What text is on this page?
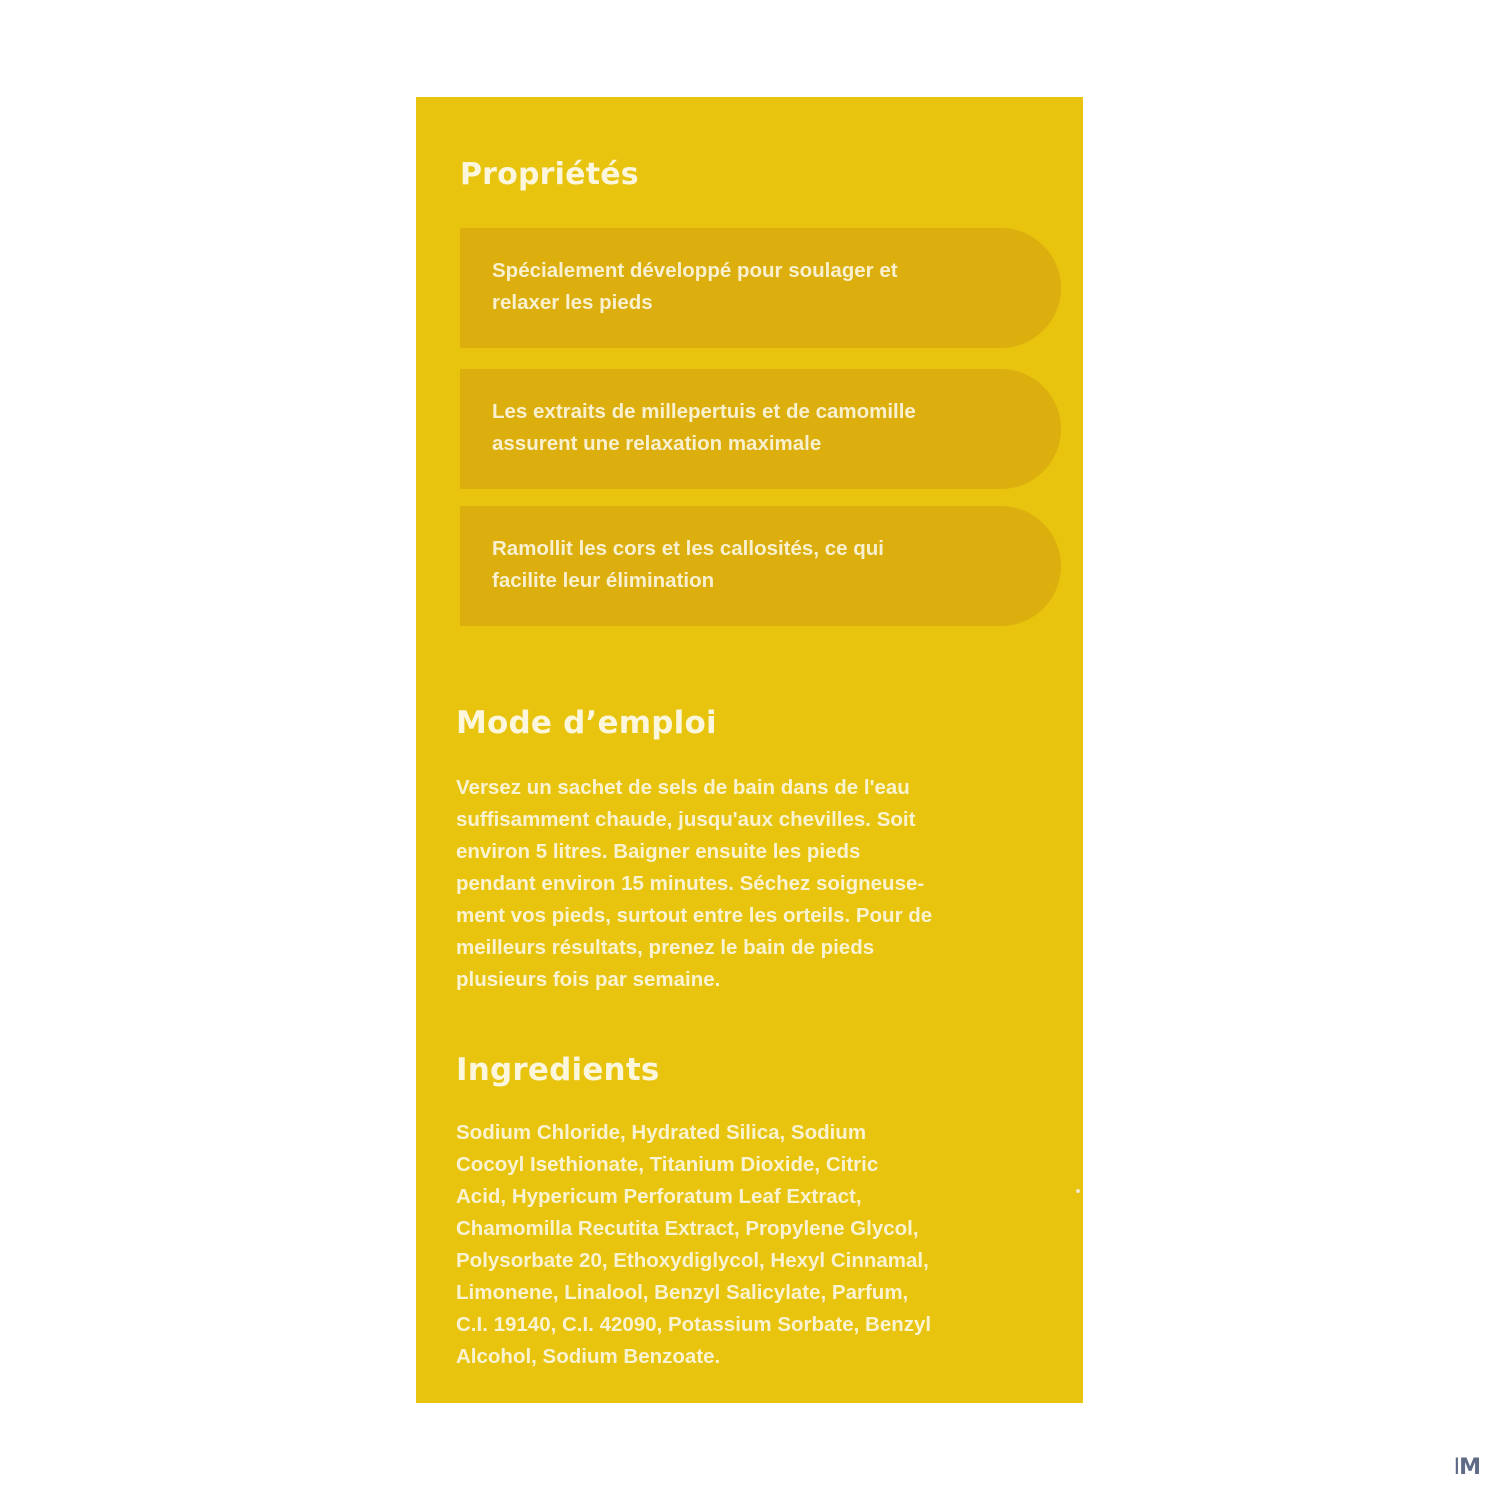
Propriétés
Spécialement développé pour soulager et
relaxer les pieds
Les extraits de millepertuis et de camomille
assurent une relaxation maximale
Ramollit les cors et les callosités, ce qui
facilite leur élimination
Mode d’emploi

Versez un sachet de sels de bain dans de l'eau
suffisamment chaude, jusqu'aux chevilles. Soit
environ 5 litres. Baigner ensuite les pieds
pendant environ 15 minutes. Séchez soigneuse-
ment vos pieds, surtout entre les orteils. Pour de
meilleurs résultats, prenez le bain de pieds
plusieurs fois par semaine.

Ingredients

Sodium Chloride, Hydrated Silica, Sodium
Cocoyl Isethionate, Titanium Dioxide, Citric
Acid, Hypericum Perforatum Leaf Extract,
Chamomilla Recutita Extract, Propylene Glycol,
Polysorbate 20, Ethoxydiglycol, Hexyl Cinnamal,
Limonene, Linalool, Benzyl Salicylate, Parfum,
C.I. 19140, C.I. 42090, Potassium Sorbate, Benzyl
Alcohol, Sodium Benzoate.

IM
